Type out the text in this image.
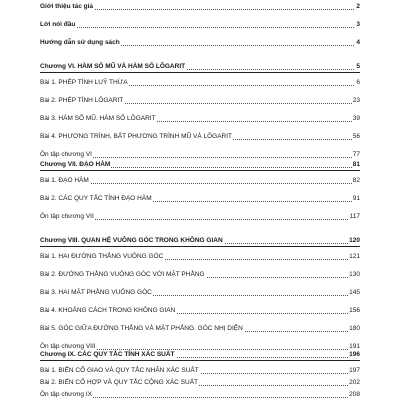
Giới thiệu tác giả	2
Lời nói đầu	3
Hướng dẫn sử dụng sách	4
Chương VI. HÀM SỐ MŨ VÀ HÀM SỐ LÔGARIT	5
Bài 1. PHÉP TÍNH LUỸ THỪA	6
Bài 2. PHÉP TÍNH LÔGARIT	23
Bài 3. HÀM SỐ MŨ. HÀM SỐ LÔGARIT	39
Bài 4. PHƯƠNG TRÌNH, BẤT PHƯƠNG TRÌNH MŨ VÀ LÔGARIT	56
Ôn tập chương VI	77
Chương VII. ĐẠO HÀM	81
Bài 1. ĐẠO HÀM	82
Bài 2. CÁC QUY TẮC TÍNH ĐẠO HÀM	91
Ôn tập chương VII	117
Chương VIII. QUAN HỆ VUÔNG GÓC TRONG KHÔNG GIAN	120
Bài 1. HAI ĐƯỜNG THẲNG VUÔNG GÓC	121
Bài 2. ĐƯỜNG THẲNG VUÔNG GÓC VỚI MẶT PHẲNG	130
Bài 3. HAI MẶT PHẲNG VUÔNG GÓC	145
Bài 4. KHOẢNG CÁCH TRONG KHÔNG GIAN	156
Bài 5. GÓC GIỮA ĐƯỜNG THẲNG VÀ MẶT PHẲNG. GÓC NHỊ DIỆN	180
Ôn tập chương VIII	191
Chương IX. CÁC QUY TẮC TÍNH XÁC SUẤT	196
Bài 1. BIẾN CỐ GIAO VÀ QUY TẮC NHÂN XÁC SUẤT	197
Bài 2. BIẾN CỐ HỢP VÀ QUY TẮC CỘNG XÁC SUẤT	202
Ôn tập chương IX	208
